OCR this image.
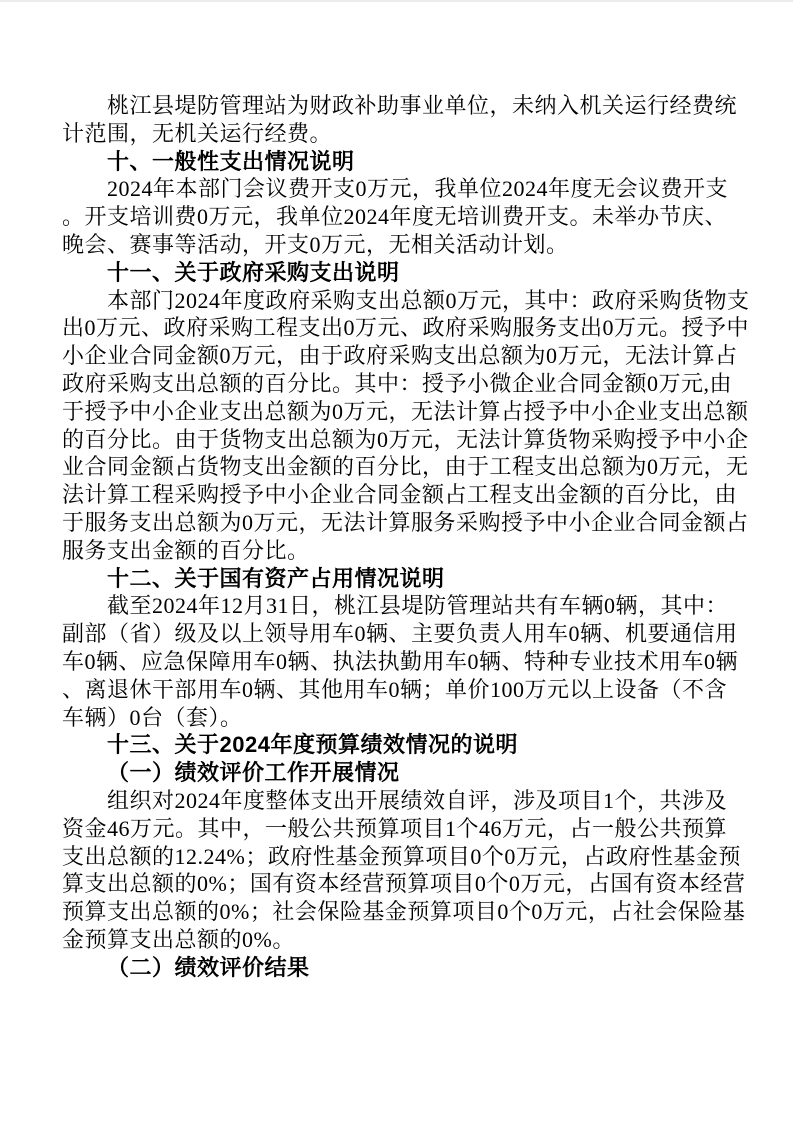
桃江县堤防管理站为财政补助事业单位，未纳入机关运行经费统
计范围，无机关运行经费。
十、一般性支出情况说明
2024年本部门会议费开支0万元，我单位2024年度无会议费开支
。开支培训费0万元，我单位2024年度无培训费开支。未举办节庆、
晚会、赛事等活动，开支0万元，无相关活动计划。
十一、关于政府采购支出说明
本部门2024年度政府采购支出总额0万元，其中：政府采购货物支
出0万元、政府采购工程支出0万元、政府采购服务支出0万元。授予中
小企业合同金额0万元，由于政府采购支出总额为0万元，无法计算占
政府采购支出总额的百分比。其中：授予小微企业合同金额0万元,由
于授予中小企业支出总额为0万元，无法计算占授予中小企业支出总额
的百分比。由于货物支出总额为0万元，无法计算货物采购授予中小企
业合同金额占货物支出金额的百分比，由于工程支出总额为0万元，无
法计算工程采购授予中小企业合同金额占工程支出金额的百分比，由
于服务支出总额为0万元，无法计算服务采购授予中小企业合同金额占
服务支出金额的百分比。
十二、关于国有资产占用情况说明
截至2024年12月31日，桃江县堤防管理站共有车辆0辆，其中：
副部（省）级及以上领导用车0辆、主要负责人用车0辆、机要通信用
车0辆、应急保障用车0辆、执法执勤用车0辆、特种专业技术用车0辆
、离退休干部用车0辆、其他用车0辆；单价100万元以上设备（不含
车辆）0台（套）。
十三、关于2024年度预算绩效情况的说明
（一）绩效评价工作开展情况
组织对2024年度整体支出开展绩效自评，涉及项目1个，共涉及
资金46万元。其中，一般公共预算项目1个46万元，占一般公共预算
支出总额的12.24%；政府性基金预算项目0个0万元，占政府性基金预
算支出总额的0%；国有资本经营预算项目0个0万元，占国有资本经营
预算支出总额的0%；社会保险基金预算项目0个0万元，占社会保险基
金预算支出总额的0%。
（二）绩效评价结果
